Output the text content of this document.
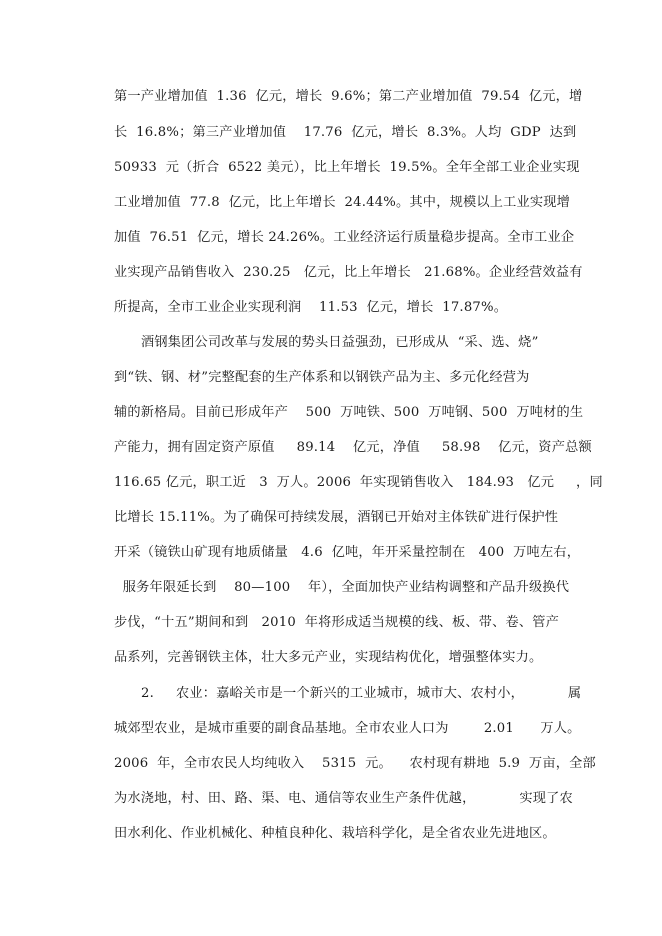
第一产业增加值  1.36  亿元，增长  9.6%；第二产业增加值  79.54  亿元，增
长  16.8%；第三产业增加值    17.76  亿元，增长  8.3%。人均  GDP  达到
50933  元（折合  6522 美元），比上年增长  19.5%。全年全部工业企业实现
工业增加值  77.8  亿元，比上年增长  24.44%。其中，规模以上工业实现增
加值  76.51  亿元，增长 24.26%。工业经济运行质量稳步提高。全市工业企
业实现产品销售收入  230.25   亿元，比上年增长   21.68%。企业经营效益有
所提高，全市工业企业实现利润    11.53  亿元，增长  17.87%。
酒钢集团公司改革与发展的势头日益强劲，已形成从  “采、选、烧”
到“铁、钢、材”完整配套的生产体系和以钢铁产品为主、多元化经营为
辅的新格局。目前已形成年产    500  万吨铁、500  万吨钢、500  万吨材的生
产能力，拥有固定资产原值     89.14    亿元，净值     58.98    亿元，资产总额
116.65 亿元，职工近   3  万人。2006  年实现销售收入   184.93   亿元     ，同
比增长 15.11%。为了确保可持续发展，酒钢已开始对主体铁矿进行保护性
开采（镜铁山矿现有地质储量   4.6  亿吨，年开采量控制在   400  万吨左右，
服务年限延长到    80—100    年），全面加快产业结构调整和产品升级换代
步伐，“十五”期间和到   2010  年将形成适当规模的线、板、带、卷、管产
品系列，完善钢铁主体，壮大多元产业，实现结构优化，增强整体实力。
2.     农业：嘉峪关市是一个新兴的工业城市，城市大、农村小，          属
城郊型农业，是城市重要的副食品基地。全市农业人口为        2.01      万人。
2006  年，全市农民人均纯收入    5315  元。    农村现有耕地  5.9  万亩，全部
为水浇地，村、田、路、渠、电、通信等农业生产条件优越，          实现了农
田水利化、作业机械化、种植良种化、栽培科学化，是全省农业先进地区。
